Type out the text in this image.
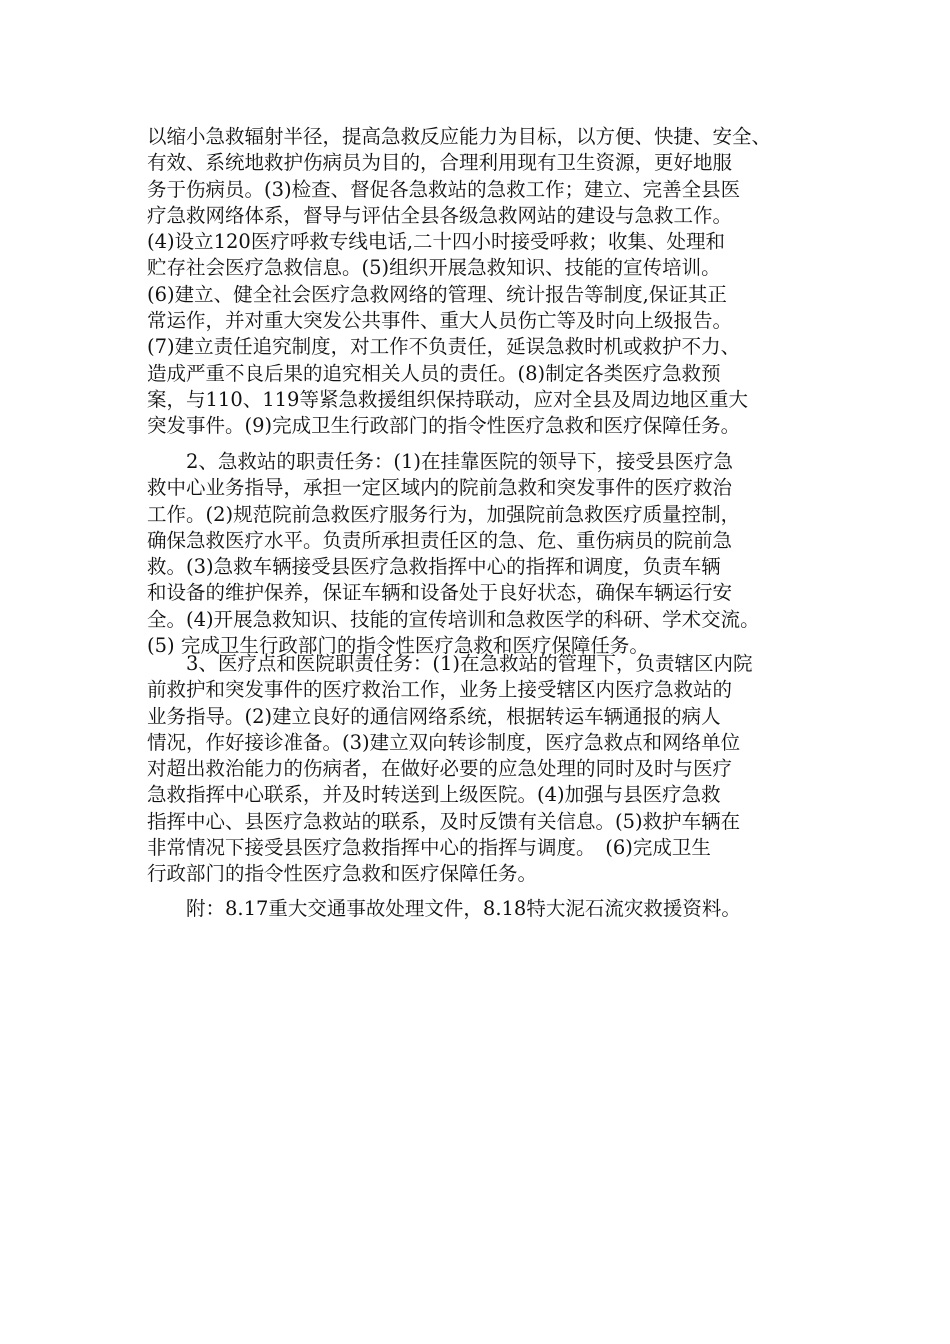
以缩小急救辐射半径，提高急救反应能力为目标，以方便、快捷、安全、
有效、系统地救护伤病员为目的，合理利用现有卫生资源，更好地服
务于伤病员。(3)检查、督促各急救站的急救工作；建立、完善全县医
疗急救网络体系，督导与评估全县各级急救网站的建设与急救工作。
(4)设立120医疗呼救专线电话,二十四小时接受呼救；收集、处理和
贮存社会医疗急救信息。(5)组织开展急救知识、技能的宣传培训。
(6)建立、健全社会医疗急救网络的管理、统计报告等制度,保证其正
常运作，并对重大突发公共事件、重大人员伤亡等及时向上级报告。
(7)建立责任追究制度，对工作不负责任，延误急救时机或救护不力、
造成严重不良后果的追究相关人员的责任。(8)制定各类医疗急救预
案，与110、119等紧急救援组织保持联动，应对全县及周边地区重大
突发事件。(9)完成卫生行政部门的指令性医疗急救和医疗保障任务。
2、急救站的职责任务：(1)在挂靠医院的领导下，接受县医疗急
救中心业务指导，承担一定区域内的院前急救和突发事件的医疗救治
工作。(2)规范院前急救医疗服务行为，加强院前急救医疗质量控制，
确保急救医疗水平。负责所承担责任区的急、危、重伤病员的院前急
救。(3)急救车辆接受县医疗急救指挥中心的指挥和调度，负责车辆
和设备的维护保养，保证车辆和设备处于良好状态，确保车辆运行安
全。(4)开展急救知识、技能的宣传培训和急救医学的科研、学术交流。
(5) 完成卫生行政部门的指令性医疗急救和医疗保障任务。
3、医疗点和医院职责任务：(1)在急救站的管理下，负责辖区内院
前救护和突发事件的医疗救治工作，业务上接受辖区内医疗急救站的
业务指导。(2)建立良好的通信网络系统，根据转运车辆通报的病人
情况，作好接诊准备。(3)建立双向转诊制度，医疗急救点和网络单位
对超出救治能力的伤病者，在做好必要的应急处理的同时及时与医疗
急救指挥中心联系，并及时转送到上级医院。(4)加强与县医疗急救
指挥中心、县医疗急救站的联系，及时反馈有关信息。(5)救护车辆在
非常情况下接受县医疗急救指挥中心的指挥与调度。　(6)完成卫生
行政部门的指令性医疗急救和医疗保障任务。
附：8.17重大交通事故处理文件，8.18特大泥石流灾救援资料。
